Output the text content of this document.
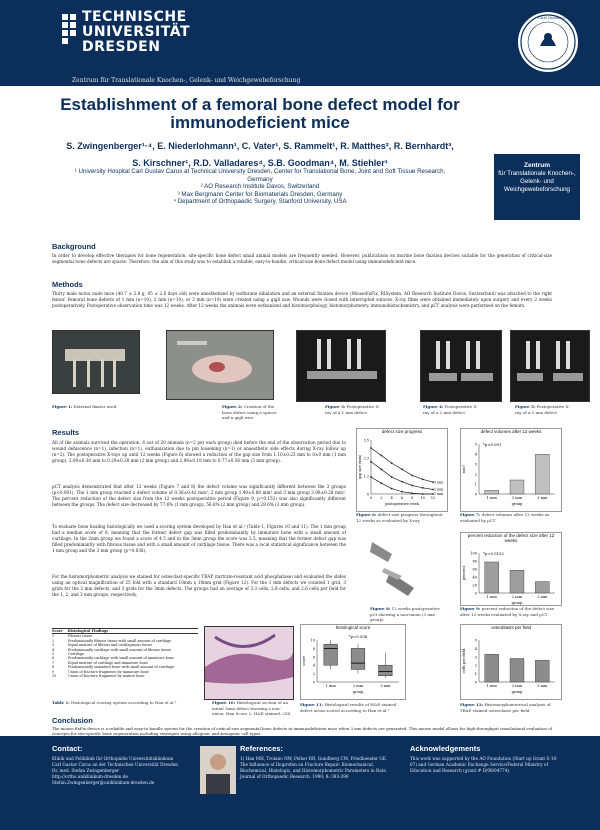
TECHNISCHE
UNIVERSITÄT
DRESDEN
Carl Gustav Carus
Zentrum für Translationale Knochen-, Gelenk- und Weichgewebeforschung
Establishment of a femoral bone defect model for immunodeficient mice
S. Zwingenberger¹·⁴, E. Niederlohmann¹, C. Vater¹, S. Rammelt¹, R. Matthes², R. Bernhardt³,
S. Kirschner¹, R.D. Valladares⁴, S.B. Goodman⁴, M. Stiehler¹
¹ University Hospital Carl Gustav Carus at Technical University Dresden, Center for Translational Bone, Joint and Soft Tissue Research, Germany
² AO Research Institute Davos, Switzerland
³ Max Bergmann Center for Biomaterials Dresden, Germany
⁴ Department of Orthopaedic Surgery, Stanford University, USA
Zentrum
für Translationale Knochen-, Gelenk- und Weichgewebeforschung
Background
In order to develop effective therapies for bone regeneration, site-specific bone defect small animal models are frequently needed. However, publications on murine bone fixation devices suitable for the generation of critical-size segmental bone defects are sparse. Therefore, the aim of this study was to establish a reliable, easy-to-handle, critical-size bone defect model using immunodeficient mice.
Methods
Thirty male nu/nu nude mice (40.7 ± 2.8 g, 95 ± 2.6 days old) were anesthetized by isoflurane inhalation and an external fixation device (MouseExFix, RISystem, AO Research Institute Davos, Switzerland) was attached to the right femur. Femoral bone defects of 1 mm (n=10), 2 mm (n=10), or 3 mm (n=10) were created using a gigli saw. Wounds were closed with interrupted sutures. X-ray films were obtained immediately upon surgery and every 2 weeks postoperatively. Postoperative observation time was 12 weeks. After 12 weeks the animals were euthanized and histomorphology, histomorphometry, immunohistochemistry, and µCT analysis were performed on the femurs.
Figure 1: External fixator used	Figure 2: Creation of the bone defect using a spacer and a gigli wire
Figure 3: Postoperative X-ray of a 1 mm defect
Figure 4: Postoperative X-ray of a 2 mm defect
Figure 5: Postoperative X-ray of a 3 mm defect
Results
All of the animals survived the operation. 6 out of 20 animals (n=2 per each group) died before the end of the observation period due to wound dehiscence (n=1), infection (n=1), euthanization due to pin loosening (n=1) or anaesthetic side effects during X-ray follow up (n=2). The postoperative X-rays up until 12 weeks (Figure 6) showed a reduction of the gap size from 1.10±0.23 mm to 0±0 mm (1 mm group), 2.09±0.30 mm to 0.29±0.38 mm (2 mm group) and 2.98±0.18 mm to 0.77±0.56 mm (3 mm group).
µCT analysis demonstrated that after 12 weeks (Figure 7 and 8) the defect volume was significantly different between the 3 groups (p<0.001). The 1 mm group reached a defect volume of 0.36±0.42 mm³, 2 mm group 1.40±0.88 mm³ and 3 mm group 3.98±0.28 mm³. The percent reduction of the defect size from the 12 weeks postoperative period (Figure 9, p=0.152) was also significantly different between the groups. The defect size decreased by 77.6% (1 mm group), 56.8% (2 mm group) and 28.6% (3 mm group).
To evaluate bone healing histologically we used a scoring system developed by Han et al.² (Table 1, Figures 10 and 11). The 1 mm group had a median score of 8, meaning that the former defect gap was filled predominantly by immature bone with a small amount of cartilage. In the 2mm group we found a score of 4.5 and in the 3mm group the score was 2.5, meaning that the former defect gap was filled predominantly with fibrous tissue and with a small amount of cartilage tissue. There was a local statistical significance between the 1 mm group and the 3 mm group (p=0.038).
For the histomorphometric analysis we stained for osteoclast-specific TRAP (tartrate-resistant acid phosphatase) and evaluated the slides using an optical magnification of 25 fold with a standard 10mm x 10mm grid (Figure 12). For the 1 mm defects we counted 1 grid, 3 grids for the 2 mm defects, and 3 grids for the 3mm defects. The groups had an average of 3.3 cells, 2.8 cells, and 2.6 cells per field for the 1, 2, and 3 mm groups, respectively.
defect size progress
0
1.2
2.3
3.5
0 2 4 6 8 10 12
3 mm
2 mm
1 mm
postoperative week
gap size (mm)
Figure 6: defect size progress throughout 12 weeks as evaluated by X-ray
defect volumes after 12 weeks
0
1
2
3
4
5
1 mm	2 mm	3 mm
group
mm³
*p<0.001
Figure 7: defect volumes after 12 weeks as evaluated by µCT
Figure 8: 12 weeks postoperative µCt showing a non-union (3 mm group)
percent reduction of the defect size after 12 weeks
0
20
40
60
80
100
1 mm	2 mm	3 mm
group
percent
*p=0.0152
Figure 9: percent reduction of the defect size after 12 weeks evaluated by X-ray and µCT
Score Histological Findings
1	Fibrous tissue
2	Predominantly fibrous tissue with small amount of cartilage
3	Equal mixture of fibrous and cartilaginous tissue
4	Predominantly cartilage with small amount of fibrous tissue
5	Cartilage
6	Predominantly cartilage with small amount of immature bone
7	Equal mixture of cartilage and immature bone
8	Predominantly immature bone with small amount of cartilage
9	Union of fracture fragments by immature bone
10	Union of fracture fragments by mature bone
Table 1: Histological scoring system according to Han et al.²	Figure 10: Histological section of an initial 3mm defect showing a non-union, Han Score 2, H&E stained, 25X
histological score
0
2
4
6
8
10
1 mm	2 mm	3 mm
group
score
*p=0.038
Figure 11: Histological results of H&E stained defect areas scored according to Han et al.²
osteoblasts per field
0
1
2
3
4
5
1 mm	2 mm	3 mm
group
cells per field
Figure 12: Histomorphometrical analysis of TRAP stained osteoclasts per field
Conclusion
The mouse ExFix device is a reliable and easy-to-handle system for the creation of critical-size segmental bone defects in immunodeficient mice when 3 mm defects are generated. This mouse model allows for high-throughput translational evaluation of concepts for site-specific bone regeneration including strategies using allogenic and xenogenic cell types.
Contact:
Klinik und Poliklinik für Orthopädie Universitätsklinikum
Carl Gustav Carus an der Technischen Universität Dresden
Dr. med. Stefan Zwingenberger
http://ortho.uniklinikum-dresden.de
Stefan.Zwingenberger@uniklinikum-dresden.de
References:
1) Han MH, Troiano NW, Pelker RR, Gundberg CM, Friedlaender GE. The Influence of Ibuprofen on Fracture Repair: Biomechanical, Biochemical, Histologic, and Histomorphometric Parameters in Rats. Journal of Orthopaedic Research. 1990; 8: 383-390
Acknowledgements
This work was supported by the AO Foundation (Start up Grant S-10-67) and German Academic Exchange Service/Federal Ministry of Education and Research (grant # D/08/04774).
